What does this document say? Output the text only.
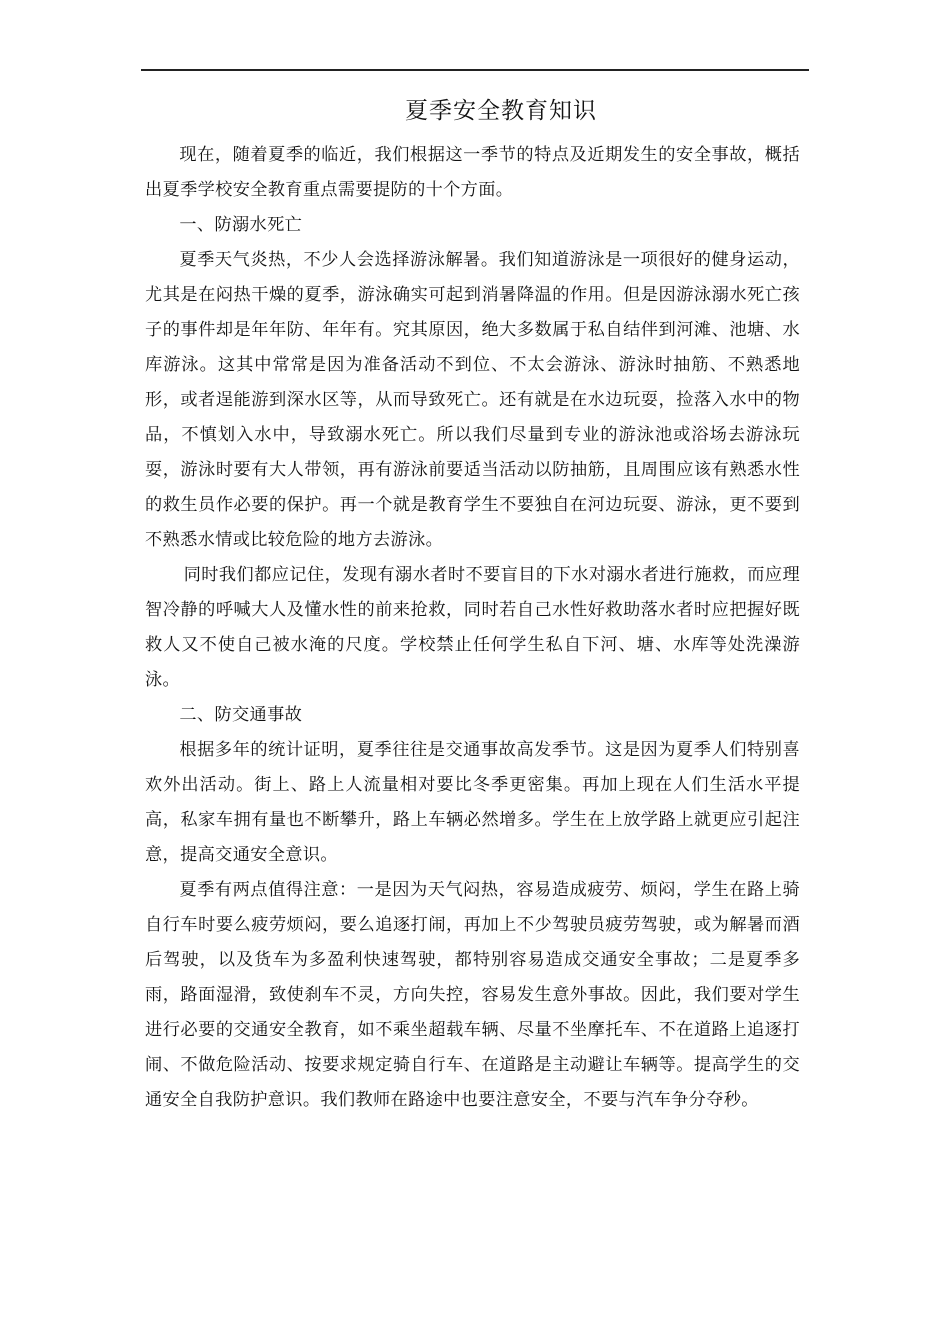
夏季安全教育知识

现在，随着夏季的临近，我们根据这一季节的特点及近期发生的安全事故，概括出夏季学校安全教育重点需要提防的十个方面。

一、防溺水死亡

夏季天气炎热，不少人会选择游泳解暑。我们知道游泳是一项很好的健身运动，尤其是在闷热干燥的夏季，游泳确实可起到消暑降温的作用。但是因游泳溺水死亡孩子的事件却是年年防、年年有。究其原因，绝大多数属于私自结伴到河滩、池塘、水库游泳。这其中常常是因为准备活动不到位、不太会游泳、游泳时抽筋、不熟悉地形，或者逞能游到深水区等，从而导致死亡。还有就是在水边玩耍，捡落入水中的物品，不慎划入水中，导致溺水死亡。所以我们尽量到专业的游泳池或浴场去游泳玩耍，游泳时要有大人带领，再有游泳前要适当活动以防抽筋，且周围应该有熟悉水性的救生员作必要的保护。再一个就是教育学生不要独自在河边玩耍、游泳，更不要到不熟悉水情或比较危险的地方去游泳。

同时我们都应记住，发现有溺水者时不要盲目的下水对溺水者进行施救，而应理智冷静的呼喊大人及懂水性的前来抢救，同时若自己水性好救助落水者时应把握好既救人又不使自己被水淹的尺度。学校禁止任何学生私自下河、塘、水库等处洗澡游泳。

二、防交通事故

根据多年的统计证明，夏季往往是交通事故高发季节。这是因为夏季人们特别喜欢外出活动。街上、路上人流量相对要比冬季更密集。再加上现在人们生活水平提高，私家车拥有量也不断攀升，路上车辆必然增多。学生在上放学路上就更应引起注意，提高交通安全意识。

夏季有两点值得注意：一是因为天气闷热，容易造成疲劳、烦闷，学生在路上骑自行车时要么疲劳烦闷，要么追逐打闹，再加上不少驾驶员疲劳驾驶，或为解暑而酒后驾驶，以及货车为多盈利快速驾驶，都特别容易造成交通安全事故；二是夏季多雨，路面湿滑，致使刹车不灵，方向失控，容易发生意外事故。因此，我们要对学生进行必要的交通安全教育，如不乘坐超载车辆、尽量不坐摩托车、不在道路上追逐打闹、不做危险活动、按要求规定骑自行车、在道路是主动避让车辆等。提高学生的交通安全自我防护意识。我们教师在路途中也要注意安全，不要与汽车争分夺秒。
